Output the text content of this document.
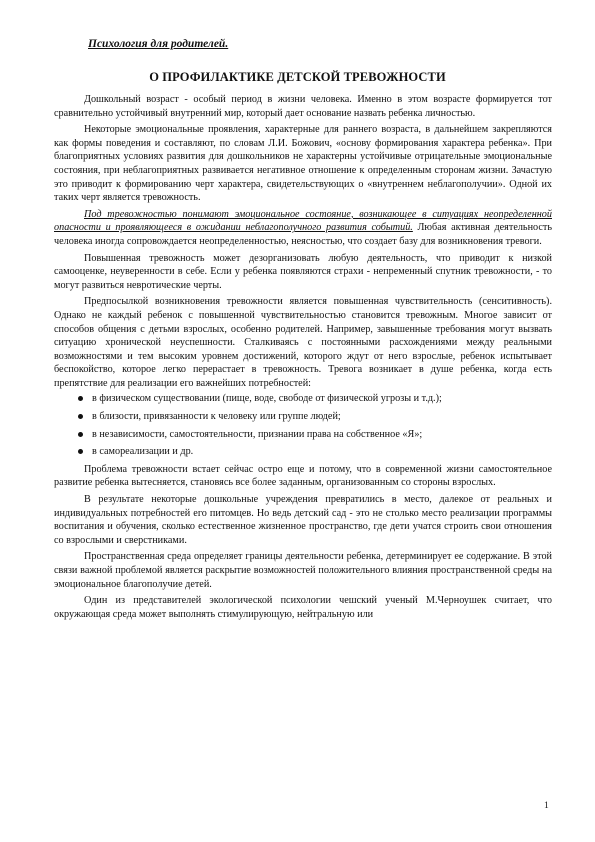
Психология для родителей.
О ПРОФИЛАКТИКЕ ДЕТСКОЙ ТРЕВОЖНОСТИ

Дошкольный возраст - особый период в жизни человека. Именно в этом возрасте формируется тот сравнительно устойчивый внутренний мир, который дает основание назвать ребенка личностью.

Некоторые эмоциональные проявления, характерные для раннего возраста, в дальнейшем закрепляются как формы поведения и составляют, по словам Л.И. Божович, «основу формирования характера ребенка». При благоприятных условиях развития для дошкольников не характерны устойчивые отрицательные эмоциональные состояния, при неблагоприятных развивается негативное отношение к определенным сторонам жизни. Зачастую это приводит к формированию черт характера, свидетельствующих о «внутреннем неблагополучии». Одной их таких черт является тревожность.

Под тревожностью понимают эмоциональное состояние, возникающее в ситуациях неопределенной опасности и проявляющееся в ожидании неблагополучного развития событий. Любая активная деятельность человека иногда сопровождается неопределенностью, неясностью, что создает базу для возникновения тревоги.

Повышенная тревожность может дезорганизовать любую деятельность, что приводит к низкой самооценке, неуверенности в себе. Если у ребенка появляются страхи - непременный спутник тревожности, - то могут развиться невротические черты.

Предпосылкой возникновения тревожности является повышенная чувствительность (сенситивность). Однако не каждый ребенок с повышенной чувствительностью становится тревожным. Многое зависит от способов общения с детьми взрослых, особенно родителей. Например, завышенные требования могут вызвать ситуацию хронической неуспешности. Сталкиваясь с постоянными расхождениями между реальными возможностями и тем высоким уровнем достижений, которого ждут от него взрослые, ребенок испытывает беспокойство, которое легко перерастает в тревожность. Тревога возникает в душе ребенка, когда есть препятствие для реализации его важнейших потребностей:

в физическом существовании (пище, воде, свободе от физической угрозы и т.д.);
в близости, привязанности к человеку или группе людей;
в независимости, самостоятельности, признании права на собственное «Я»;
в самореализации и др.

Проблема тревожности встает сейчас остро еще и потому, что в современной жизни самостоятельное развитие ребенка вытесняется, становясь все более заданным, организованным со стороны взрослых.

В результате некоторые дошкольные учреждения превратились в место, далекое от реальных и индивидуальных потребностей его питомцев. Но ведь детский сад - это не столько место реализации программы воспитания и обучения, сколько естественное жизненное пространство, где дети учатся строить свои отношения со взрослыми и сверстниками.

Пространственная среда определяет границы деятельности ребенка, детерминирует ее содержание. В этой связи важной проблемой является раскрытие возможностей положительного влияния пространственной среды на эмоциональное благополучие детей.

Один из представителей экологической психологии чешский ученый М.Черноушек считает, что окружающая среда может выполнять стимулирующую, нейтральную или

1
